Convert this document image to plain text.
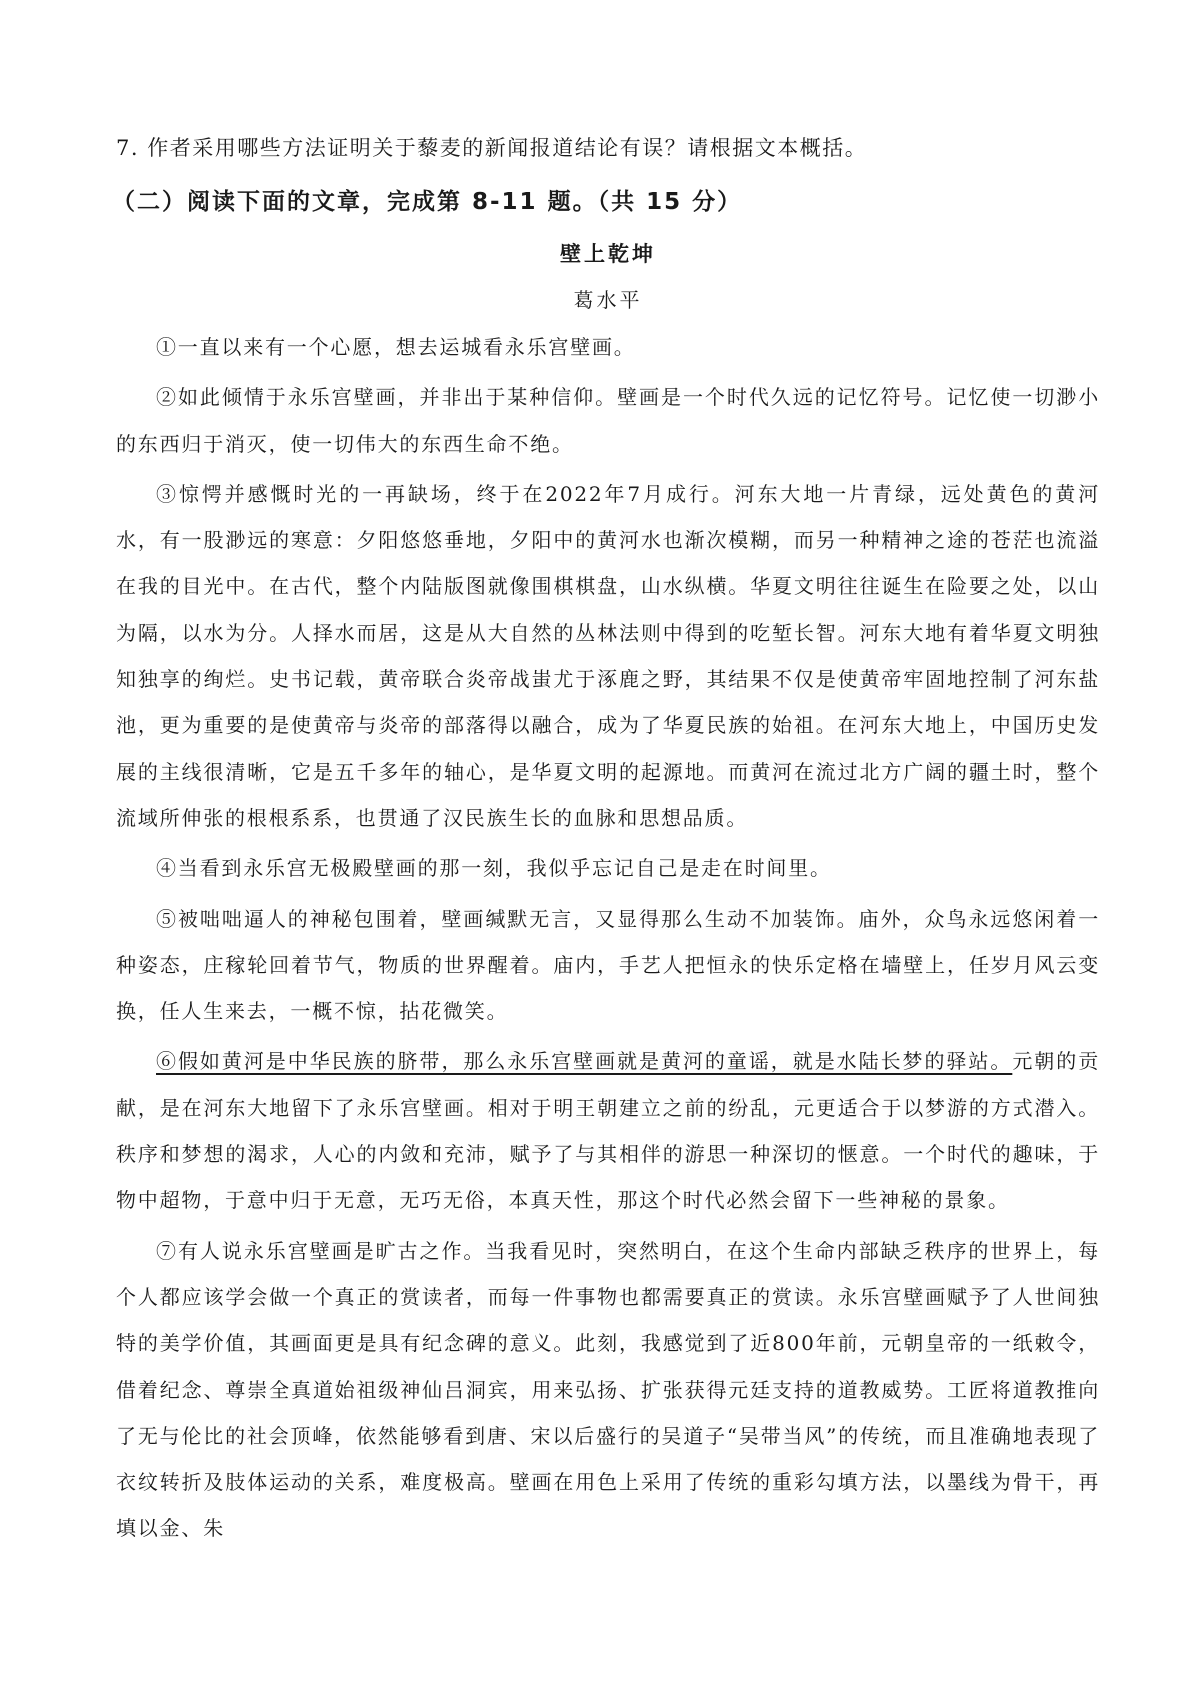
7. 作者采用哪些方法证明关于藜麦的新闻报道结论有误？请根据文本概括。

（二）阅读下面的文章，完成第 8-11 题。（共 15 分）

壁上乾坤

葛水平

①一直以来有一个心愿，想去运城看永乐宫壁画。

②如此倾情于永乐宫壁画，并非出于某种信仰。壁画是一个时代久远的记忆符号。记忆使一切渺小的东西归于消灭，使一切伟大的东西生命不绝。

③惊愕并感慨时光的一再缺场，终于在2022年7月成行。河东大地一片青绿，远处黄色的黄河水，有一股渺远的寒意：夕阳悠悠垂地，夕阳中的黄河水也渐次模糊，而另一种精神之途的苍茫也流溢在我的目光中。在古代，整个内陆版图就像围棋棋盘，山水纵横。华夏文明往往诞生在险要之处，以山为隔，以水为分。人择水而居，这是从大自然的丛林法则中得到的吃堑长智。河东大地有着华夏文明独知独享的绚烂。史书记载，黄帝联合炎帝战蚩尤于涿鹿之野，其结果不仅是使黄帝牢固地控制了河东盐池，更为重要的是使黄帝与炎帝的部落得以融合，成为了华夏民族的始祖。在河东大地上，中国历史发展的主线很清晰，它是五千多年的轴心，是华夏文明的起源地。而黄河在流过北方广阔的疆土时，整个流域所伸张的根根系系，也贯通了汉民族生长的血脉和思想品质。

④当看到永乐宫无极殿壁画的那一刻，我似乎忘记自己是走在时间里。

⑤被咄咄逼人的神秘包围着，壁画缄默无言，又显得那么生动不加装饰。庙外，众鸟永远悠闲着一种姿态，庄稼轮回着节气，物质的世界醒着。庙内，手艺人把恒永的快乐定格在墙壁上，任岁月风云变换，任人生来去，一概不惊，拈花微笑。

⑥假如黄河是中华民族的脐带，那么永乐宫壁画就是黄河的童谣，就是水陆长梦的驿站。元朝的贡献，是在河东大地留下了永乐宫壁画。相对于明王朝建立之前的纷乱，元更适合于以梦游的方式潜入。秩序和梦想的渴求，人心的内敛和充沛，赋予了与其相伴的游思一种深切的惬意。一个时代的趣味，于物中超物，于意中归于无意，无巧无俗，本真天性，那这个时代必然会留下一些神秘的景象。

⑦有人说永乐宫壁画是旷古之作。当我看见时，突然明白，在这个生命内部缺乏秩序的世界上，每个人都应该学会做一个真正的赏读者，而每一件事物也都需要真正的赏读。永乐宫壁画赋予了人世间独特的美学价值，其画面更是具有纪念碑的意义。此刻，我感觉到了近800年前，元朝皇帝的一纸敕令，借着纪念、尊崇全真道始祖级神仙吕洞宾，用来弘扬、扩张获得元廷支持的道教威势。工匠将道教推向了无与伦比的社会顶峰，依然能够看到唐、宋以后盛行的吴道子“吴带当风”的传统，而且准确地表现了衣纹转折及肢体运动的关系，难度极高。壁画在用色上采用了传统的重彩勾填方法，以墨线为骨干，再填以金、朱
